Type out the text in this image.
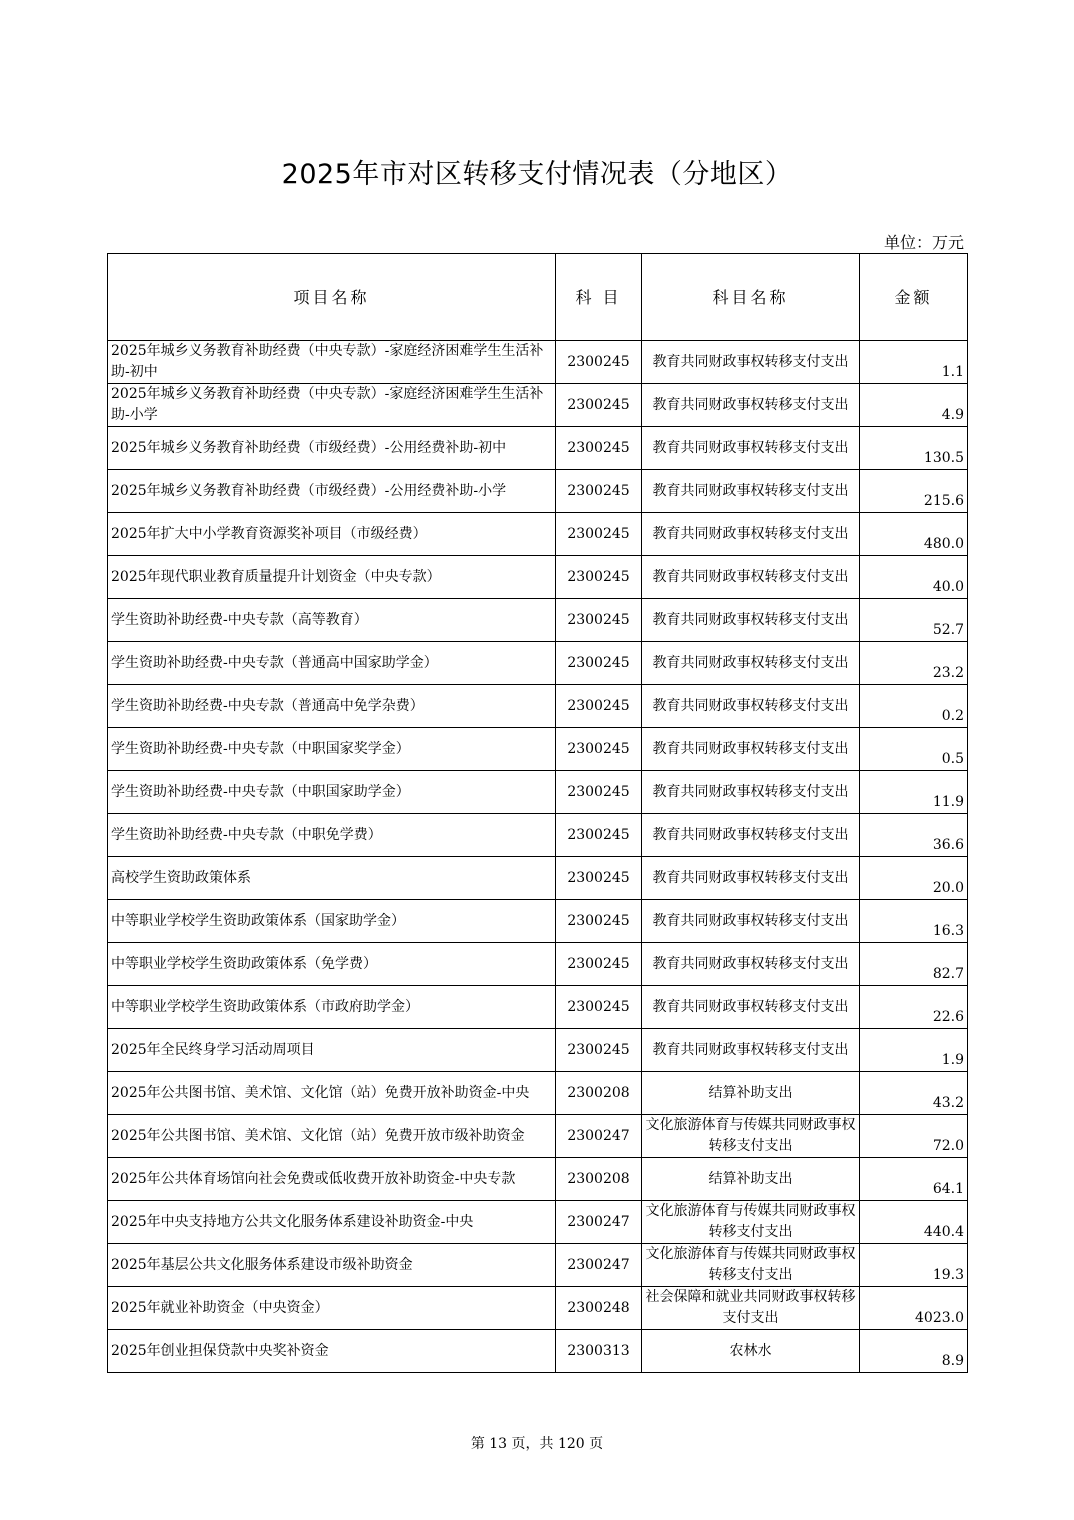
2025年市对区转移支付情况表（分地区）
单位：万元
项目名称	科 目	科目名称	金额
2025年城乡义务教育补助经费（中央专款）-家庭经济困难学生生活补助-初中	2300245	教育共同财政事权转移支付支出	1.1
2025年城乡义务教育补助经费（中央专款）-家庭经济困难学生生活补助-小学	2300245	教育共同财政事权转移支付支出	4.9
2025年城乡义务教育补助经费（市级经费）-公用经费补助-初中	2300245	教育共同财政事权转移支付支出	130.5
2025年城乡义务教育补助经费（市级经费）-公用经费补助-小学	2300245	教育共同财政事权转移支付支出	215.6
2025年扩大中小学教育资源奖补项目（市级经费）	2300245	教育共同财政事权转移支付支出	480.0
2025年现代职业教育质量提升计划资金（中央专款）	2300245	教育共同财政事权转移支付支出	40.0
学生资助补助经费-中央专款（高等教育）	2300245	教育共同财政事权转移支付支出	52.7
学生资助补助经费-中央专款（普通高中国家助学金）	2300245	教育共同财政事权转移支付支出	23.2
学生资助补助经费-中央专款（普通高中免学杂费）	2300245	教育共同财政事权转移支付支出	0.2
学生资助补助经费-中央专款（中职国家奖学金）	2300245	教育共同财政事权转移支付支出	0.5
学生资助补助经费-中央专款（中职国家助学金）	2300245	教育共同财政事权转移支付支出	11.9
学生资助补助经费-中央专款（中职免学费）	2300245	教育共同财政事权转移支付支出	36.6
高校学生资助政策体系	2300245	教育共同财政事权转移支付支出	20.0
中等职业学校学生资助政策体系（国家助学金）	2300245	教育共同财政事权转移支付支出	16.3
中等职业学校学生资助政策体系（免学费）	2300245	教育共同财政事权转移支付支出	82.7
中等职业学校学生资助政策体系（市政府助学金）	2300245	教育共同财政事权转移支付支出	22.6
2025年全民终身学习活动周项目	2300245	教育共同财政事权转移支付支出	1.9
2025年公共图书馆、美术馆、文化馆（站）免费开放补助资金-中央	2300208	结算补助支出	43.2
2025年公共图书馆、美术馆、文化馆（站）免费开放市级补助资金	2300247	文化旅游体育与传媒共同财政事权转移支付支出	72.0
2025年公共体育场馆向社会免费或低收费开放补助资金-中央专款	2300208	结算补助支出	64.1
2025年中央支持地方公共文化服务体系建设补助资金-中央	2300247	文化旅游体育与传媒共同财政事权转移支付支出	440.4
2025年基层公共文化服务体系建设市级补助资金	2300247	文化旅游体育与传媒共同财政事权转移支付支出	19.3
2025年就业补助资金（中央资金）	2300248	社会保障和就业共同财政事权转移支付支出	4023.0
2025年创业担保贷款中央奖补资金	2300313	农林水	8.9
第 13 页，共 120 页
